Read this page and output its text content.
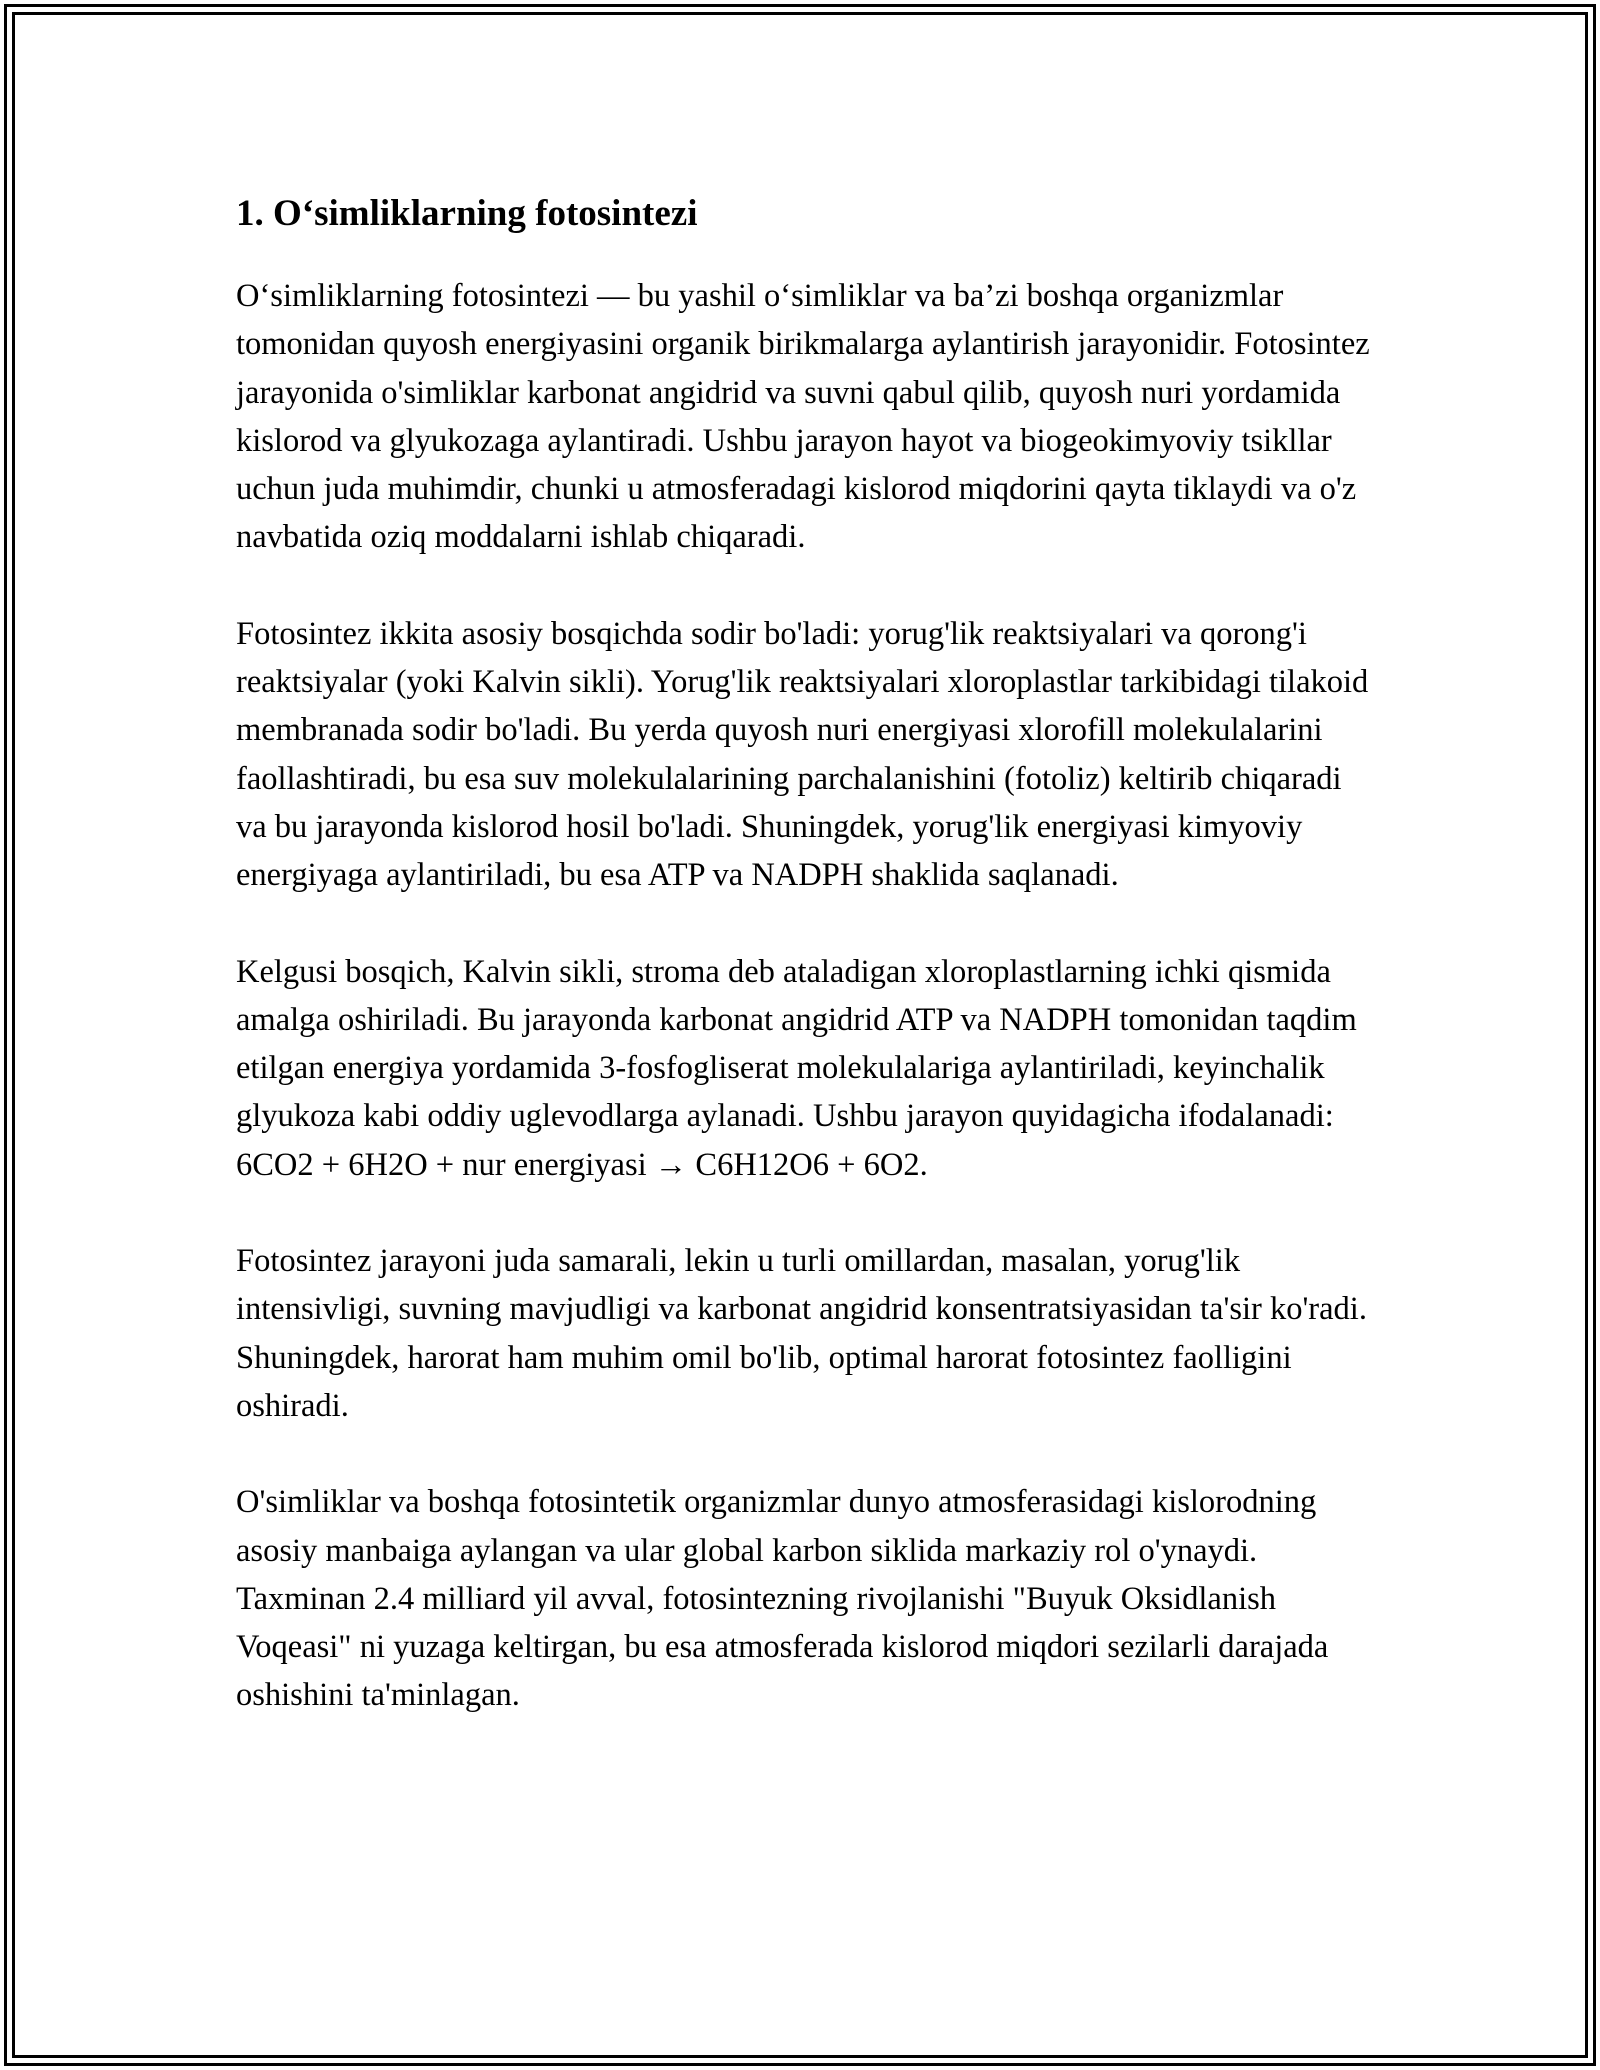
1. O‘simliklarning fotosintezi

O‘simliklarning fotosintezi — bu yashil o‘simliklar va ba’zi boshqa organizmlar tomonidan quyosh energiyasini organik birikmalarga aylantirish jarayonidir. Fotosintez jarayonida o'simliklar karbonat angidrid va suvni qabul qilib, quyosh nuri yordamida kislorod va glyukozaga aylantiradi. Ushbu jarayon hayot va biogeokimyoviy tsikllar uchun juda muhimdir, chunki u atmosferadagi kislorod miqdorini qayta tiklaydi va o'z navbatida oziq moddalarni ishlab chiqaradi.

Fotosintez ikkita asosiy bosqichda sodir bo'ladi: yorug'lik reaktsiyalari va qorong'i reaktsiyalar (yoki Kalvin sikli). Yorug'lik reaktsiyalari xloroplastlar tarkibidagi tilakoid membranada sodir bo'ladi. Bu yerda quyosh nuri energiyasi xlorofill molekulalarini faollashtiradi, bu esa suv molekulalarining parchalanishini (fotoliz) keltirib chiqaradi va bu jarayonda kislorod hosil bo'ladi. Shuningdek, yorug'lik energiyasi kimyoviy energiyaga aylantiriladi, bu esa ATP va NADPH shaklida saqlanadi.

Kelgusi bosqich, Kalvin sikli, stroma deb ataladigan xloroplastlarning ichki qismida amalga oshiriladi. Bu jarayonda karbonat angidrid ATP va NADPH tomonidan taqdim etilgan energiya yordamida 3-fosfogliserat molekulalariga aylantiriladi, keyinchalik glyukoza kabi oddiy uglevodlarga aylanadi. Ushbu jarayon quyidagicha ifodalanadi: 6CO2 + 6H2O + nur energiyasi → C6H12O6 + 6O2.

Fotosintez jarayoni juda samarali, lekin u turli omillardan, masalan, yorug'lik intensivligi, suvning mavjudligi va karbonat angidrid konsentratsiyasidan ta'sir ko'radi. Shuningdek, harorat ham muhim omil bo'lib, optimal harorat fotosintez faolligini oshiradi.

O'simliklar va boshqa fotosintetik organizmlar dunyo atmosferasidagi kislorodning asosiy manbaiga aylangan va ular global karbon siklida markaziy rol o'ynaydi. Taxminan 2.4 milliard yil avval, fotosintezning rivojlanishi "Buyuk Oksidlanish Voqeasi" ni yuzaga keltirgan, bu esa atmosferada kislorod miqdori sezilarli darajada oshishini ta'minlagan.
